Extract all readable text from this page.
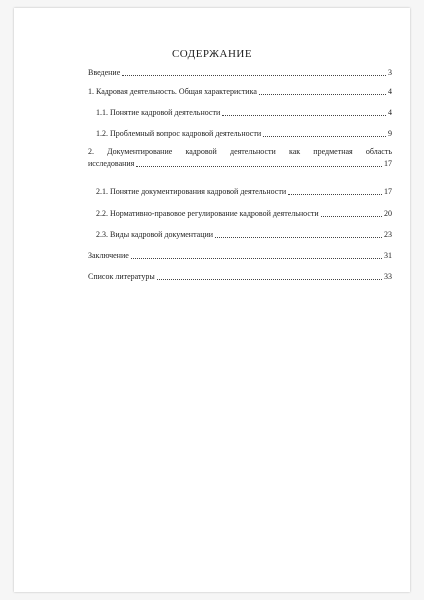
СОДЕРЖАНИЕ
Введение	3
1. Кадровая деятельность. Общая характеристика	4
1.1. Понятие кадровой деятельности	4
1.2. Проблемный вопрос кадровой деятельности	9
2. Документирование кадровой деятельности как предметная область
исследования	17
2.1. Понятие документирования кадровой деятельности	17
2.2. Нормативно-правовое регулирование кадровой деятельности	20
2.3. Виды кадровой документации	23
Заключение	31
Список литературы	33
